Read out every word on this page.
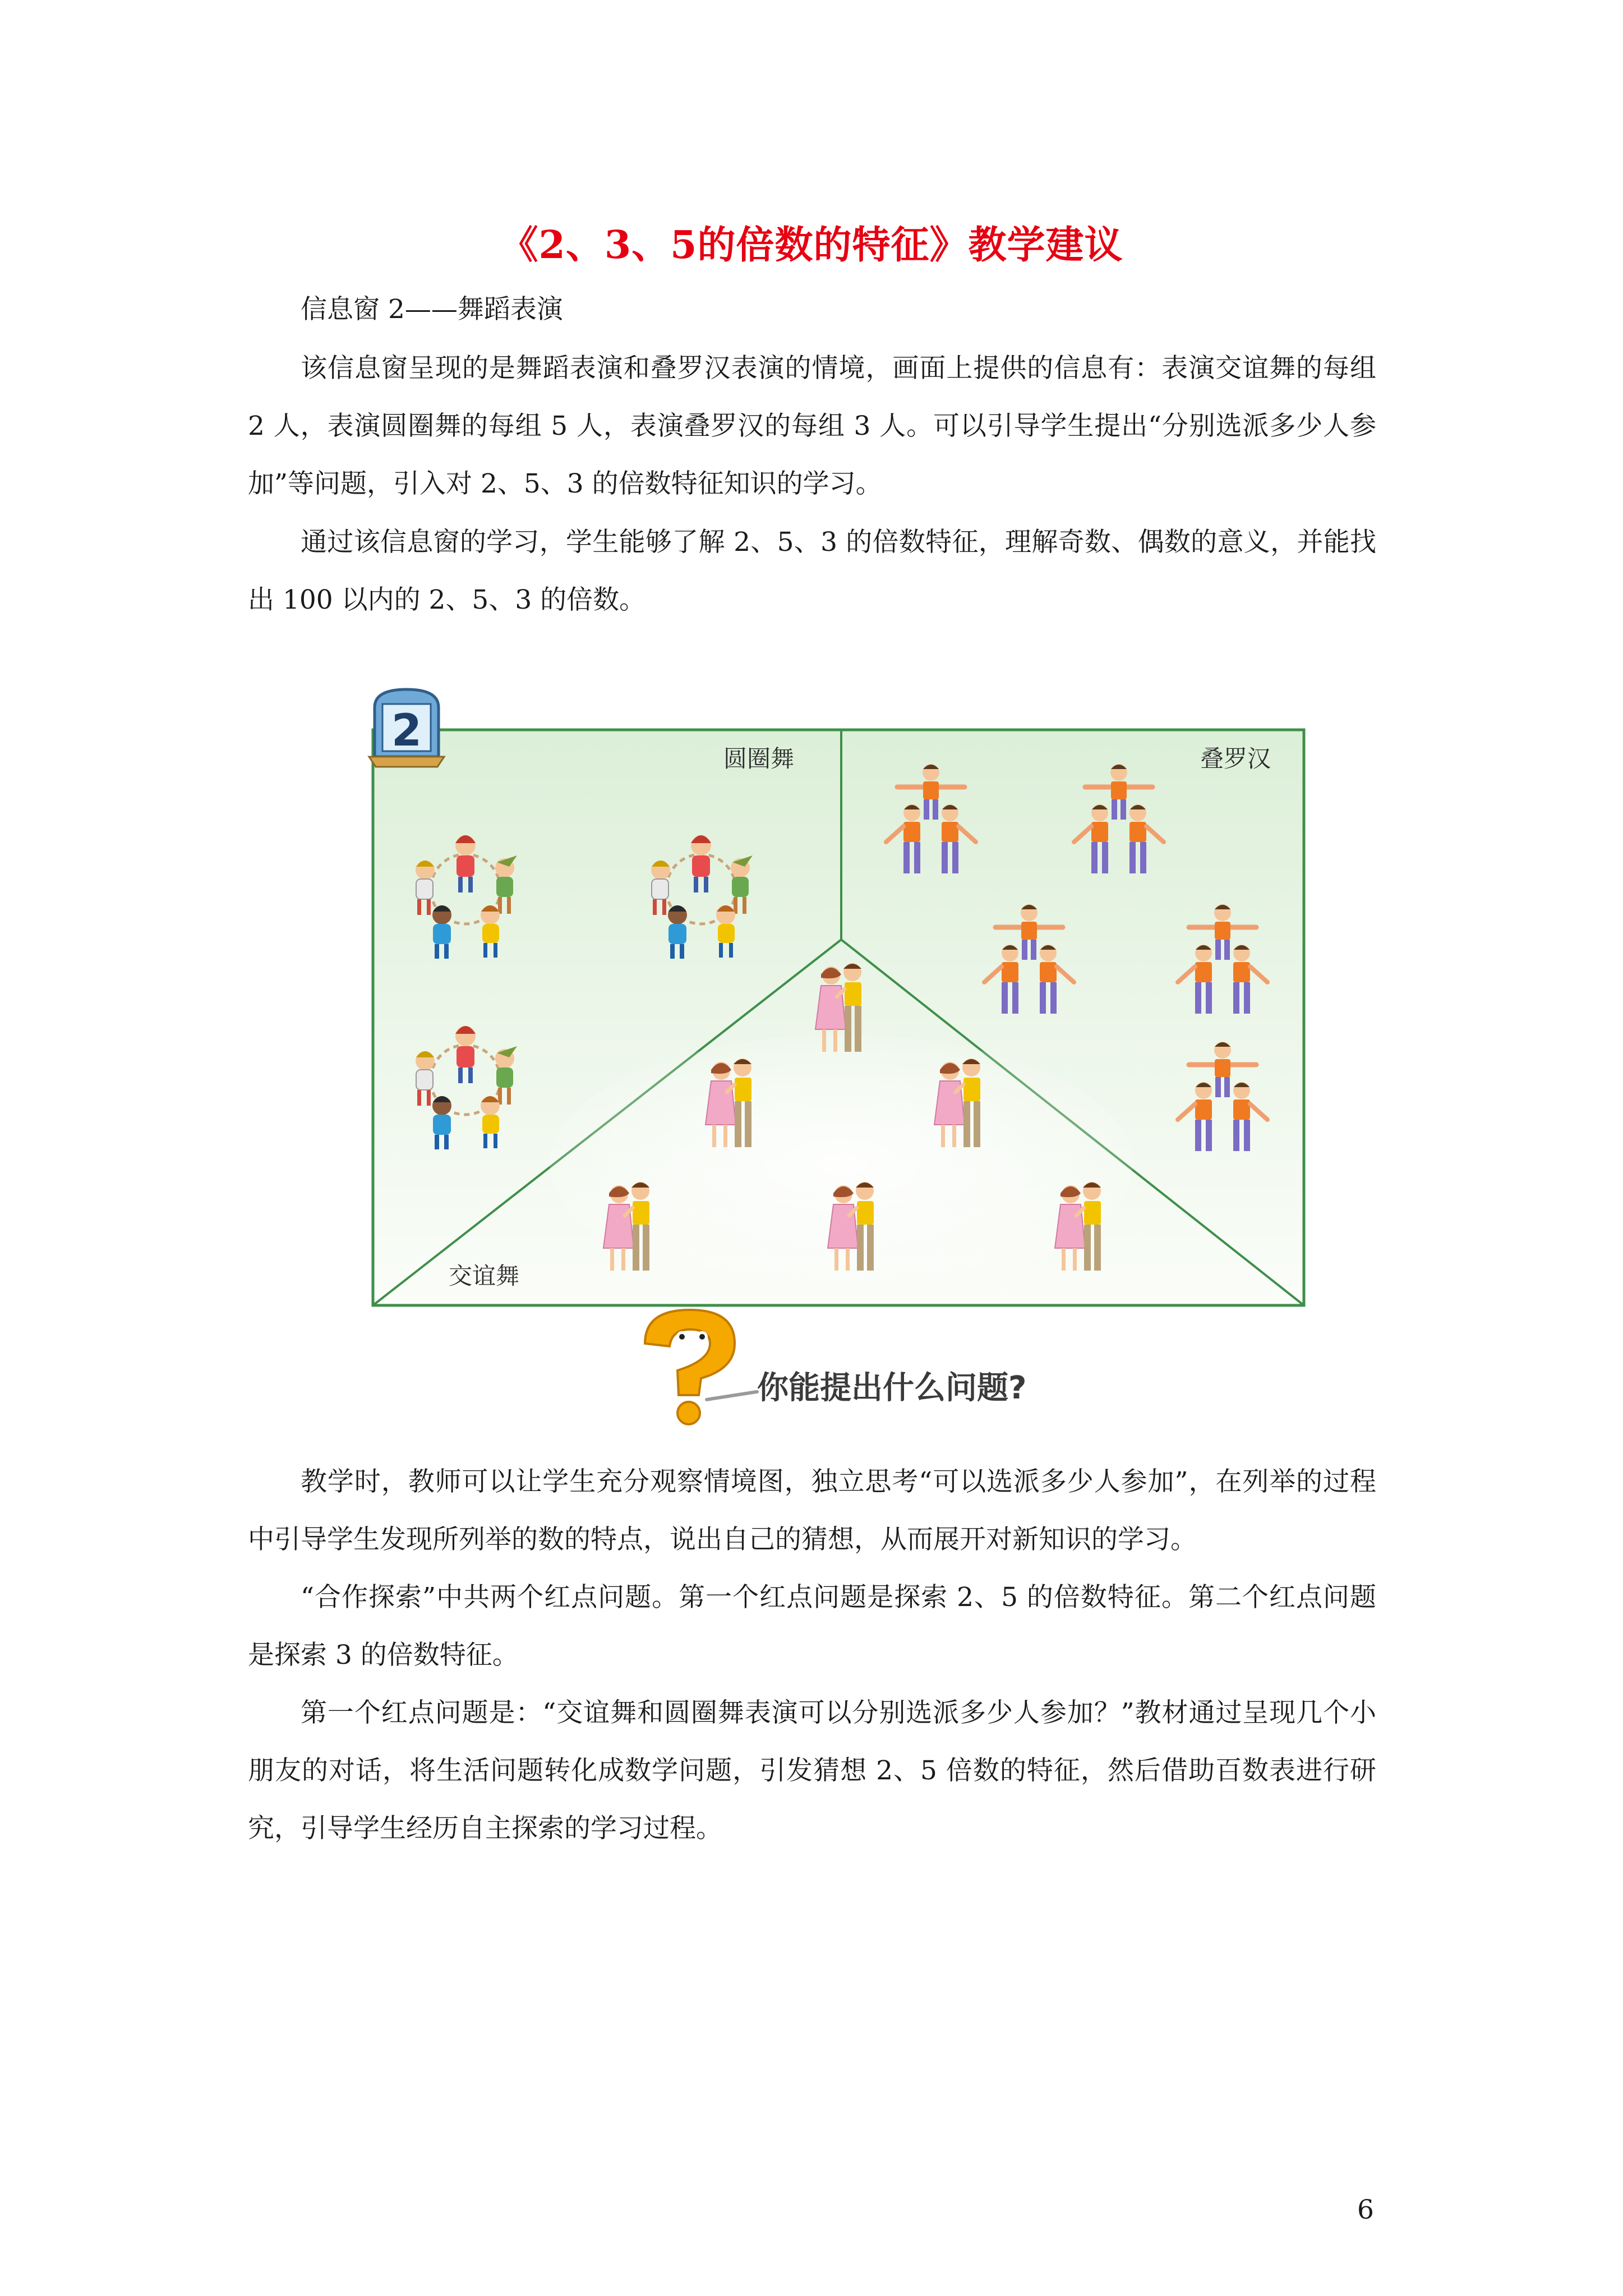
《2、3、5的倍数的特征》教学建议

信息窗 2——舞蹈表演

该信息窗呈现的是舞蹈表演和叠罗汉表演的情境，画面上提供的信息有：表演交谊舞的每组 2 人，表演圆圈舞的每组 5 人，表演叠罗汉的每组 3 人。可以引导学生提出“分别选派多少人参加”等问题，引入对 2、5、3 的倍数特征知识的学习。

通过该信息窗的学习，学生能够了解 2、5、3 的倍数特征，理解奇数、偶数的意义，并能找出 100 以内的 2、5、3 的倍数。

2
圆圈舞	叠罗汉
交谊舞
你能提出什么问题?

教学时，教师可以让学生充分观察情境图，独立思考“可以选派多少人参加”，在列举的过程中引导学生发现所列举的数的特点，说出自己的猜想，从而展开对新知识的学习。

“合作探索”中共两个红点问题。第一个红点问题是探索 2、5 的倍数特征。第二个红点问题是探索 3 的倍数特征。

第一个红点问题是：“交谊舞和圆圈舞表演可以分别选派多少人参加？”教材通过呈现几个小朋友的对话，将生活问题转化成数学问题，引发猜想 2、5 倍数的特征，然后借助百数表进行研究，引导学生经历自主探索的学习过程。

6
